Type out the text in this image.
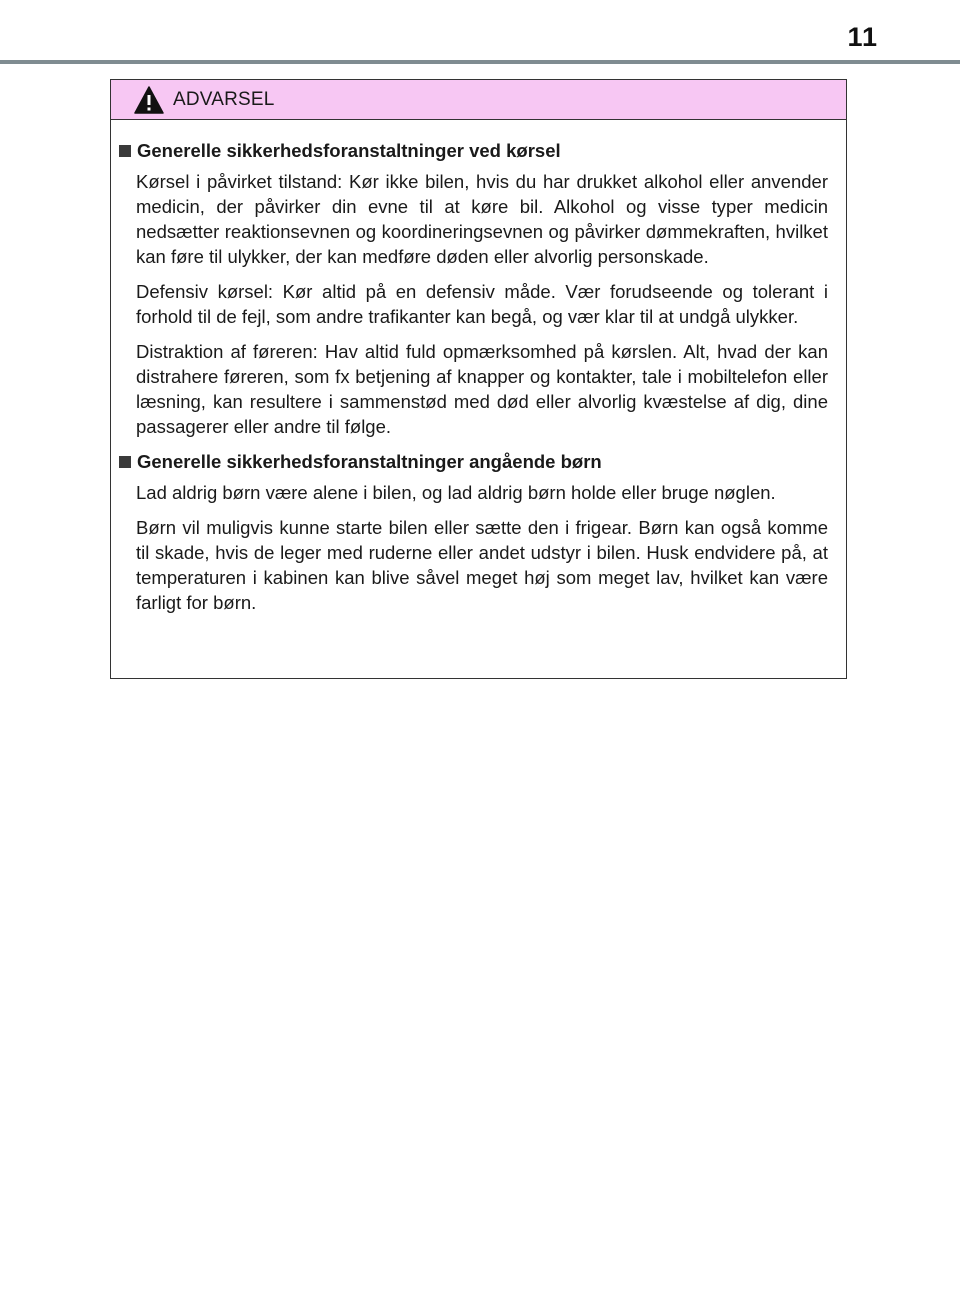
11
ADVARSEL
Generelle sikkerhedsforanstaltninger ved kørsel

Kørsel i påvirket tilstand: Kør ikke bilen, hvis du har drukket alkohol eller anvender medicin, der påvirker din evne til at køre bil. Alkohol og visse typer medicin nedsætter reaktionsevnen og koordineringsevnen og påvirker dømmekraften, hvilket kan føre til ulykker, der kan medføre døden eller alvorlig personskade.

Defensiv kørsel: Kør altid på en defensiv måde. Vær forudseende og tolerant i forhold til de fejl, som andre trafikanter kan begå, og vær klar til at undgå ulykker.

Distraktion af føreren: Hav altid fuld opmærksomhed på kørslen. Alt, hvad der kan distrahere føreren, som fx betjening af knapper og kontakter, tale i mobiltelefon eller læsning, kan resultere i sammenstød med død eller alvorlig kvæstelse af dig, dine passagerer eller andre til følge.

Generelle sikkerhedsforanstaltninger angående børn

Lad aldrig børn være alene i bilen, og lad aldrig børn holde eller bruge nøglen.

Børn vil muligvis kunne starte bilen eller sætte den i frigear. Børn kan også komme til skade, hvis de leger med ruderne eller andet udstyr i bilen. Husk endvidere på, at temperaturen i kabinen kan blive såvel meget høj som meget lav, hvilket kan være farligt for børn.
